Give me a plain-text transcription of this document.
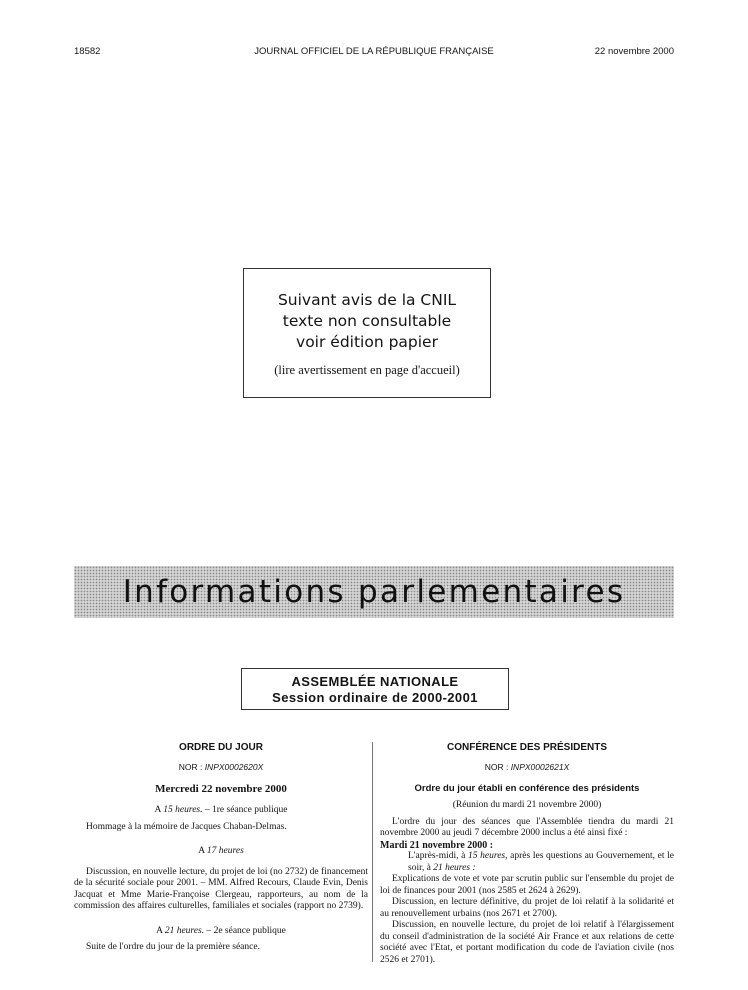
18582	JOURNAL OFFICIEL DE LA RÉPUBLIQUE FRANÇAISE	22 novembre 2000
Suivant avis de la CNIL
texte non consultable
voir édition papier
(lire avertissement en page d'accueil)
Informations parlementaires
ASSEMBLÉE NATIONALE
Session ordinaire de 2000-2001
ORDRE DU JOUR
NOR : INPX0002620X
Mercredi 22 novembre 2000
A 15 heures. – 1re séance publique
Hommage à la mémoire de Jacques Chaban-Delmas.
A 17 heures
Discussion, en nouvelle lecture, du projet de loi (no 2732) de financement de la sécurité sociale pour 2001. – MM. Alfred Recours, Claude Evin, Denis Jacquat et Mme Marie-Françoise Clergeau, rapporteurs, au nom de la commission des affaires culturelles, familiales et sociales (rapport no 2739).
A 21 heures. – 2e séance publique
Suite de l'ordre du jour de la première séance.
CONFÉRENCE DES PRÉSIDENTS
NOR : INPX0002621X
Ordre du jour établi en conférence des présidents
(Réunion du mardi 21 novembre 2000)
L'ordre du jour des séances que l'Assemblée tiendra du mardi 21 novembre 2000 au jeudi 7 décembre 2000 inclus a été ainsi fixé :
Mardi 21 novembre 2000 :
L'après-midi, à 15 heures, après les questions au Gouvernement, et le soir, à 21 heures :
Explications de vote et vote par scrutin public sur l'ensemble du projet de loi de finances pour 2001 (nos 2585 et 2624 à 2629).
Discussion, en lecture définitive, du projet de loi relatif à la solidarité et au renouvellement urbains (nos 2671 et 2700).
Discussion, en nouvelle lecture, du projet de loi relatif à l'élargissement du conseil d'administration de la société Air France et aux relations de cette société avec l'Etat, et portant modification du code de l'aviation civile (nos 2526 et 2701).
